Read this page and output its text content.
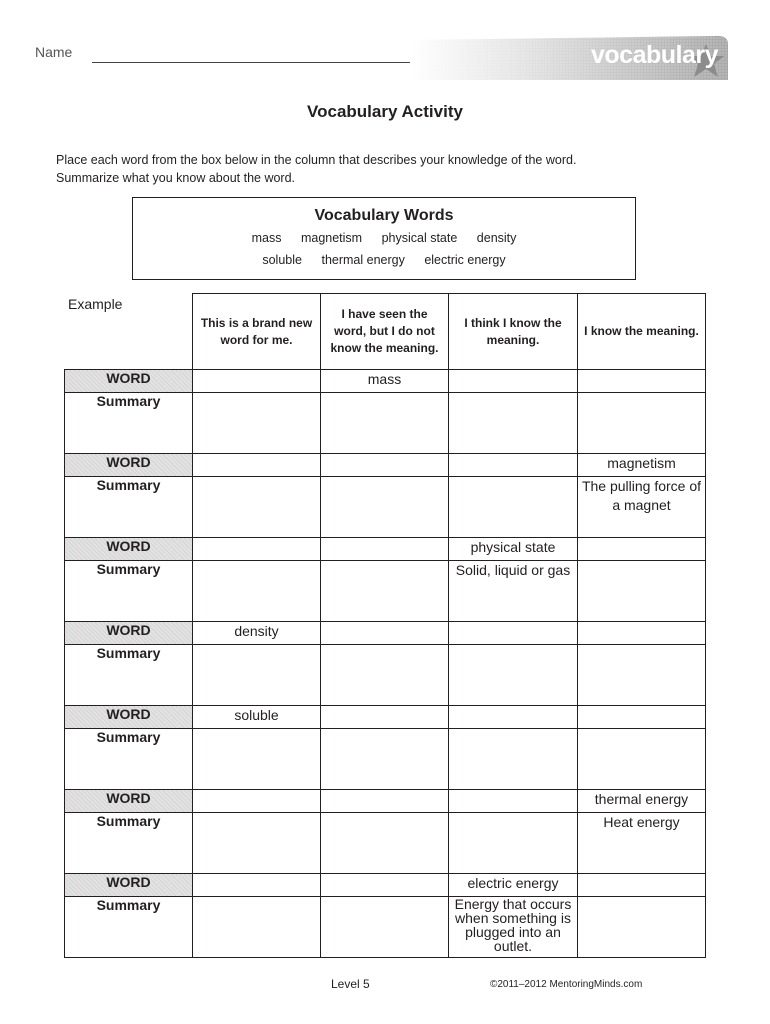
Name	vocabulary
Vocabulary Activity
Place each word from the box below in the column that describes your knowledge of the word.
Summarize what you know about the word.
Vocabulary Words
mass magnetism physical state density
soluble thermal energy electric energy
Example
	This is a brand new word for me.	I have seen the word, but I do not know the meaning.	I think I know the meaning.	I know the meaning.
WORD		mass		
Summary				
WORD				magnetism
Summary				The pulling force of a magnet
WORD			physical state	
Summary			Solid, liquid or gas	
WORD	density			
Summary				
WORD	soluble			
Summary				
WORD				thermal energy
Summary				Heat energy
WORD			electric energy	
Summary			Energy that occurs when something is plugged into an outlet.	
Level 5	©2011–2012 MentoringMinds.com
